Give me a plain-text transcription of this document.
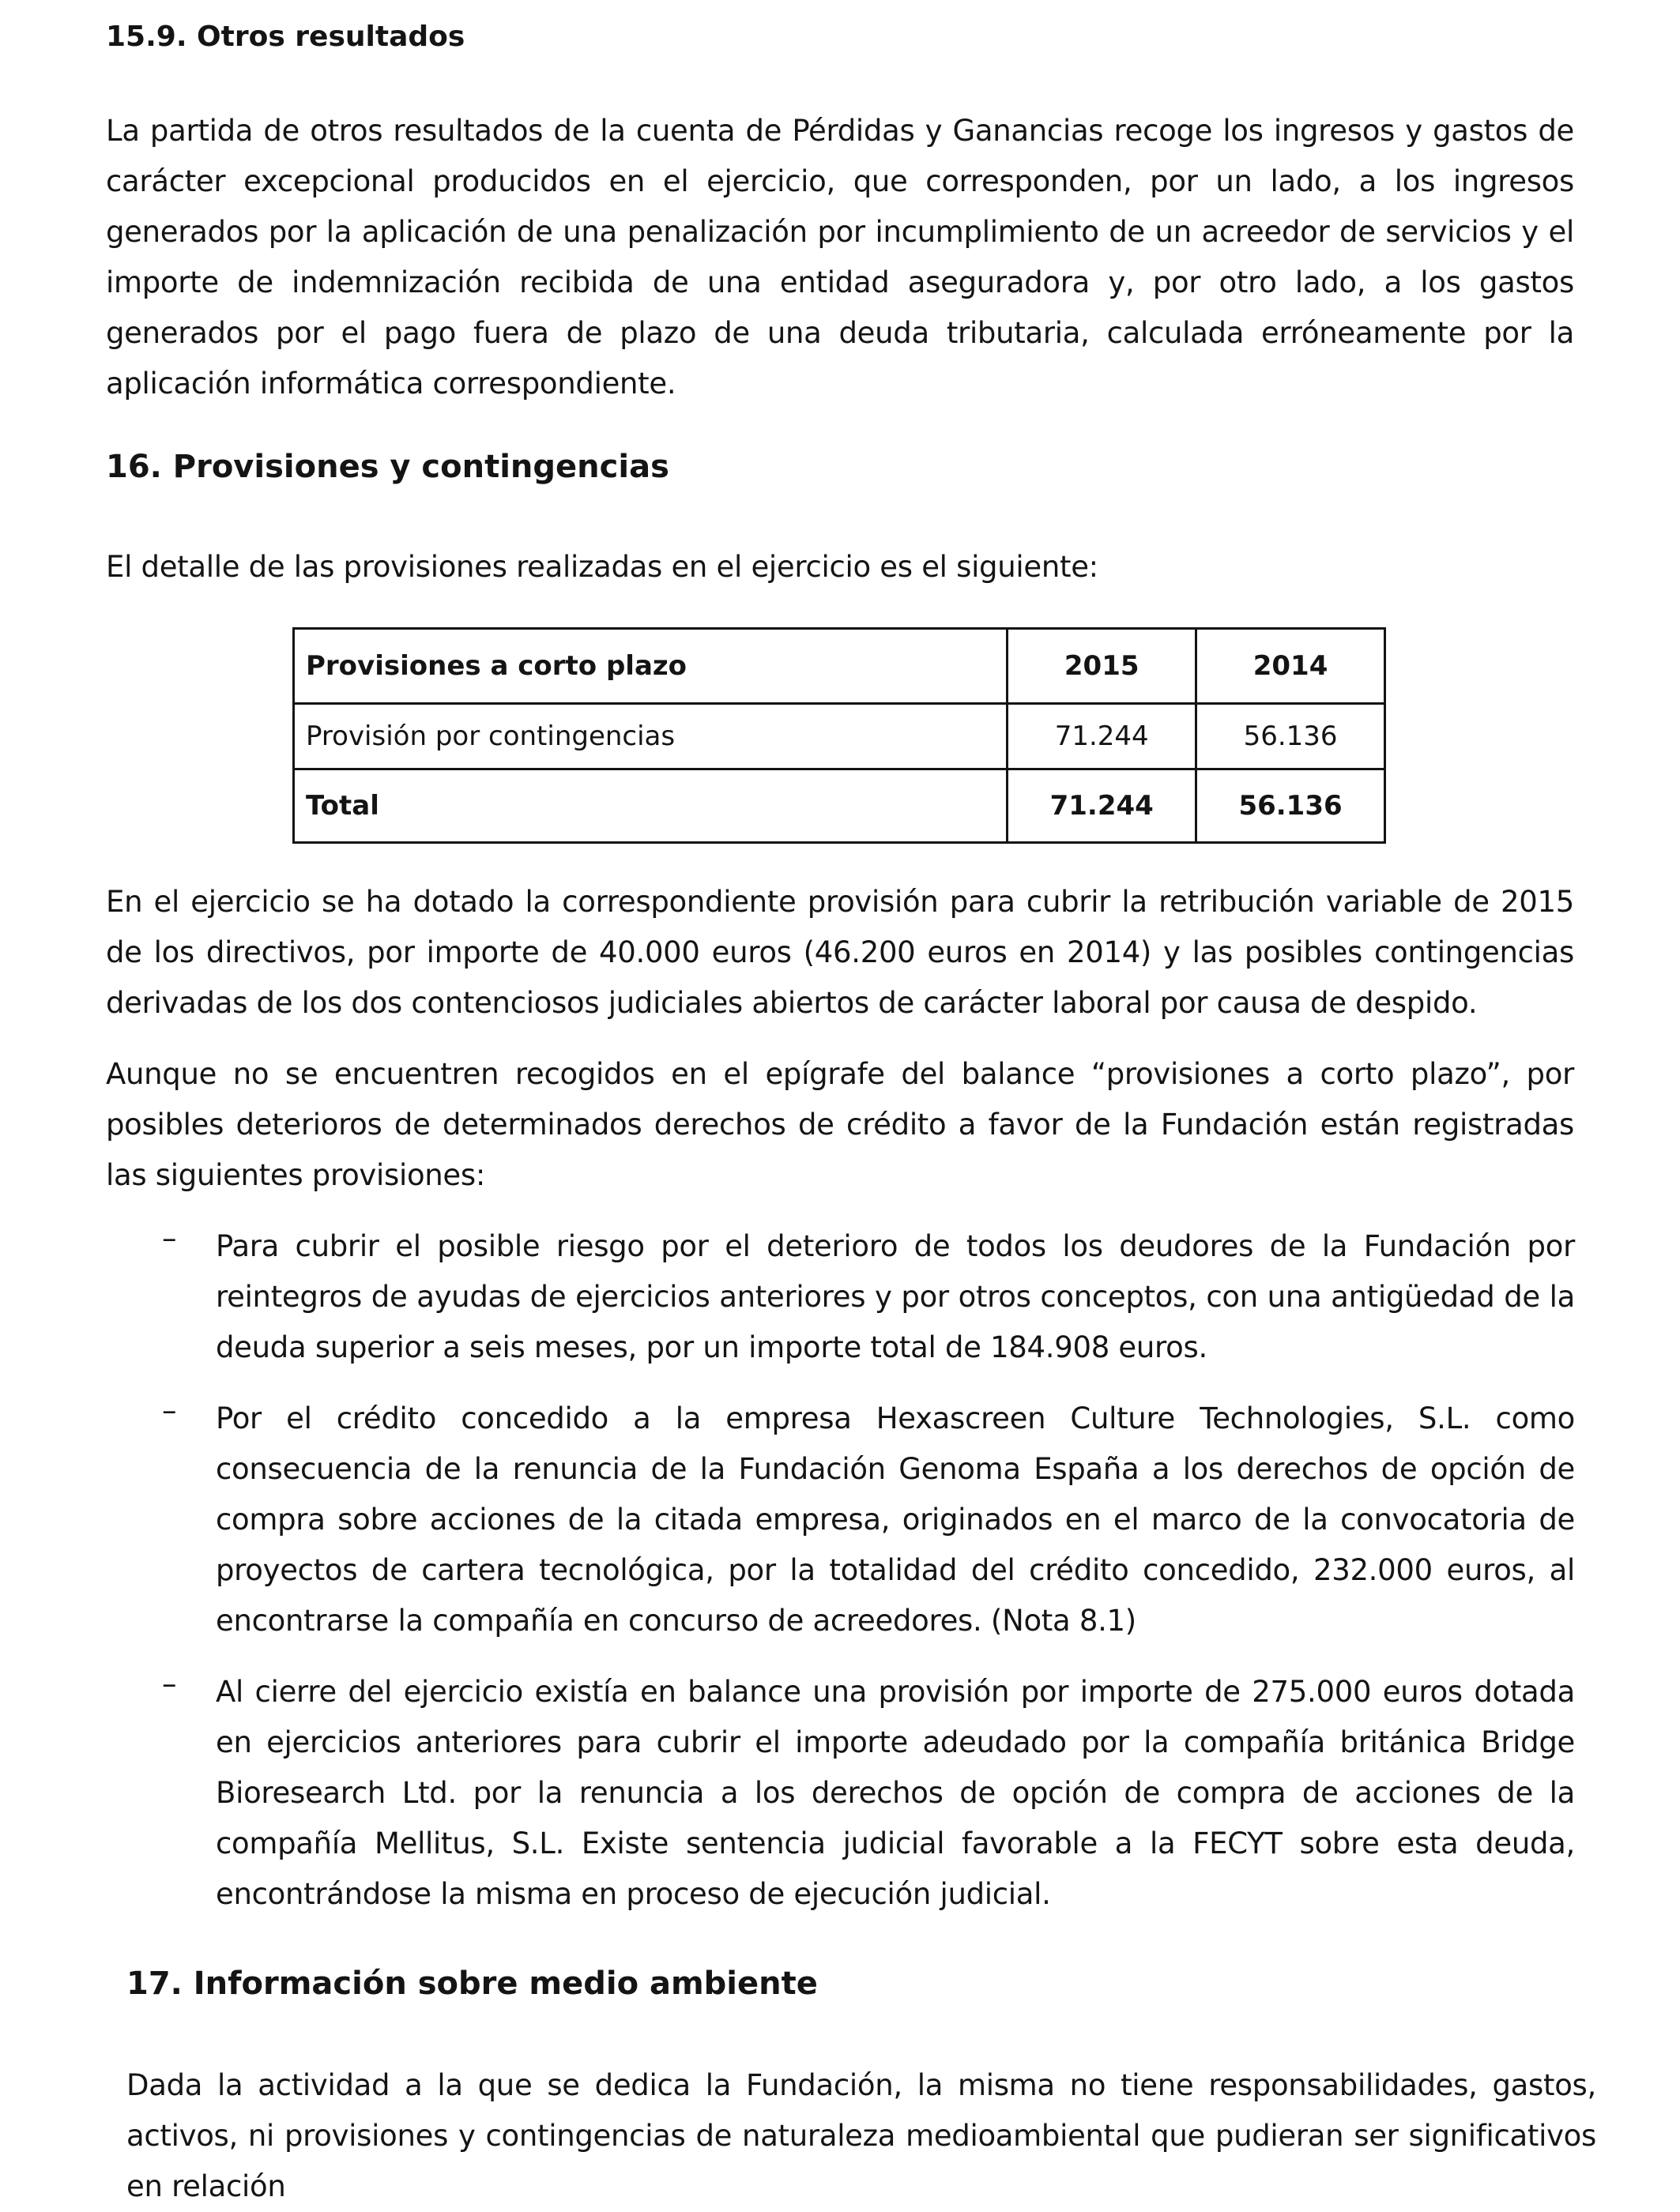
15.9. Otros resultados

La partida de otros resultados de la cuenta de Pérdidas y Ganancias recoge los ingresos y gastos de carácter excepcional producidos en el ejercicio, que corresponden, por un lado, a los ingresos generados por la aplicación de una penalización por incumplimiento de un acreedor de servicios y el importe de indemnización recibida de una entidad aseguradora y, por otro lado, a los gastos generados por el pago fuera de plazo de una deuda tributaria, calculada erróneamente por la aplicación informática correspondiente.

16. Provisiones y contingencias

El detalle de las provisiones realizadas en el ejercicio es el siguiente:

Provisiones a corto plazo	2015	2014
Provisión por contingencias	71.244	56.136
Total	71.244	56.136

En el ejercicio se ha dotado la correspondiente provisión para cubrir la retribución variable de 2015 de los directivos, por importe de 40.000 euros (46.200 euros en 2014) y las posibles contingencias derivadas de los dos contenciosos judiciales abiertos de carácter laboral por causa de despido.

Aunque no se encuentren recogidos en el epígrafe del balance “provisiones a corto plazo”, por posibles deterioros de determinados derechos de crédito a favor de la Fundación están registradas las siguientes provisiones:

– Para cubrir el posible riesgo por el deterioro de todos los deudores de la Fundación por reintegros de ayudas de ejercicios anteriores y por otros conceptos, con una antigüedad de la deuda superior a seis meses, por un importe total de 184.908 euros.

– Por el crédito concedido a la empresa Hexascreen Culture Technologies, S.L. como consecuencia de la renuncia de la Fundación Genoma España a los derechos de opción de compra sobre acciones de la citada empresa, originados en el marco de la convocatoria de proyectos de cartera tecnológica, por la totalidad del crédito concedido, 232.000 euros, al encontrarse la compañía en concurso de acreedores. (Nota 8.1)

– Al cierre del ejercicio existía en balance una provisión por importe de 275.000 euros dotada en ejercicios anteriores para cubrir el importe adeudado por la compañía británica Bridge Bioresearch Ltd. por la renuncia a los derechos de opción de compra de acciones de la compañía Mellitus, S.L. Existe sentencia judicial favorable a la FECYT sobre esta deuda, encontrándose la misma en proceso de ejecución judicial.

17. Información sobre medio ambiente

Dada la actividad a la que se dedica la Fundación, la misma no tiene responsabilidades, gastos, activos, ni provisiones y contingencias de naturaleza medioambiental que pudieran ser significativos en relación
